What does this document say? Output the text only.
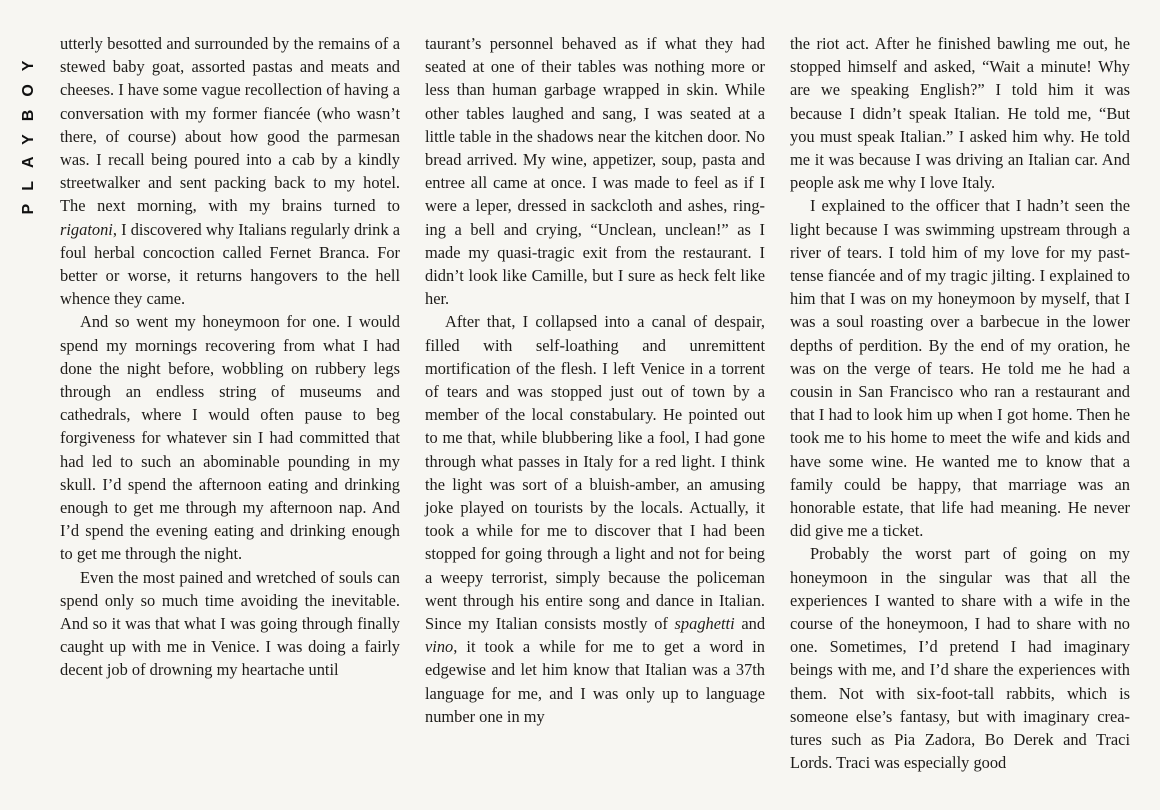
PLAYBOY

utterly besotted and surrounded by the remains of a stewed baby goat, assorted pastas and meats and cheeses. I have some vague recollection of having a conversation with my former fiancée (who wasn’t there, of course) about how good the parmesan was. I recall being poured into a cab by a kindly streetwalker and sent packing back to my hotel. The next morning, with my brains turned to rigatoni, I discovered why Italians regularly drink a foul herbal concoction called Fernet Branca. For better or worse, it returns hangovers to the hell whence they came.

And so went my honeymoon for one. I would spend my mornings recovering from what I had done the night before, wobbling on rubbery legs through an endless string of museums and cathedrals, where I would often pause to beg forgiveness for whatever sin I had committed that had led to such an abominable pounding in my skull. I’d spend the afternoon eating and drinking enough to get me through my afternoon nap. And I’d spend the evening eating and drinking enough to get me through the night.

Even the most pained and wretched of souls can spend only so much time avoiding the inevitable. And so it was that what I was going through finally caught up with me in Venice. I was doing a fairly decent job of drowning my heartache until

taurant’s personnel behaved as if what they had seated at one of their tables was nothing more or less than human garbage wrapped in skin. While other tables laughed and sang, I was seated at a little table in the shadows near the kitchen door. No bread arrived. My wine, appetizer, soup, pasta and entree all came at once. I was made to feel as if I were a leper, dressed in sackcloth and ashes, ringing a bell and crying, “Unclean, unclean!” as I made my quasi-tragic exit from the restaurant. I didn’t look like Camille, but I sure as heck felt like her.

After that, I collapsed into a canal of despair, filled with self-loathing and unremittent mortification of the flesh. I left Venice in a torrent of tears and was stopped just out of town by a member of the local constabulary. He pointed out to me that, while blubbering like a fool, I had gone through what passes in Italy for a red light. I think the light was sort of a bluish-amber, an amusing joke played on tourists by the locals. Actually, it took a while for me to discover that I had been stopped for going through a light and not for being a weepy terrorist, simply because the policeman went through his entire song and dance in Italian. Since my Italian consists mostly of spaghetti and vino, it took a while for me to get a word in edgewise and let him know that Italian was a 37th language for me, and I was only up to language number one in my

the riot act. After he finished bawling me out, he stopped himself and asked, “Wait a minute! Why are we speaking English?” I told him it was because I didn’t speak Italian. He told me, “But you must speak Italian.” I asked him why. He told me it was because I was driving an Italian car. And people ask me why I love Italy.

I explained to the officer that I hadn’t seen the light because I was swimming upstream through a river of tears. I told him of my love for my past-tense fiancée and of my tragic jilting. I explained to him that I was on my honeymoon by myself, that I was a soul roasting over a barbecue in the lower depths of perdition. By the end of my oration, he was on the verge of tears. He told me he had a cousin in San Francisco who ran a restaurant and that I had to look him up when I got home. Then he took me to his home to meet the wife and kids and have some wine. He wanted me to know that a family could be happy, that marriage was an honorable estate, that life had meaning. He never did give me a ticket.

Probably the worst part of going on my honeymoon in the singular was that all the experiences I wanted to share with a wife in the course of the honeymoon, I had to share with no one. Sometimes, I’d pretend I had imaginary beings with me, and I’d share the experiences with them. Not with six-foot-tall rabbits, which is someone else’s fantasy, but with imaginary creatures such as Pia Zadora, Bo Derek and Traci Lords. Traci was especially good
